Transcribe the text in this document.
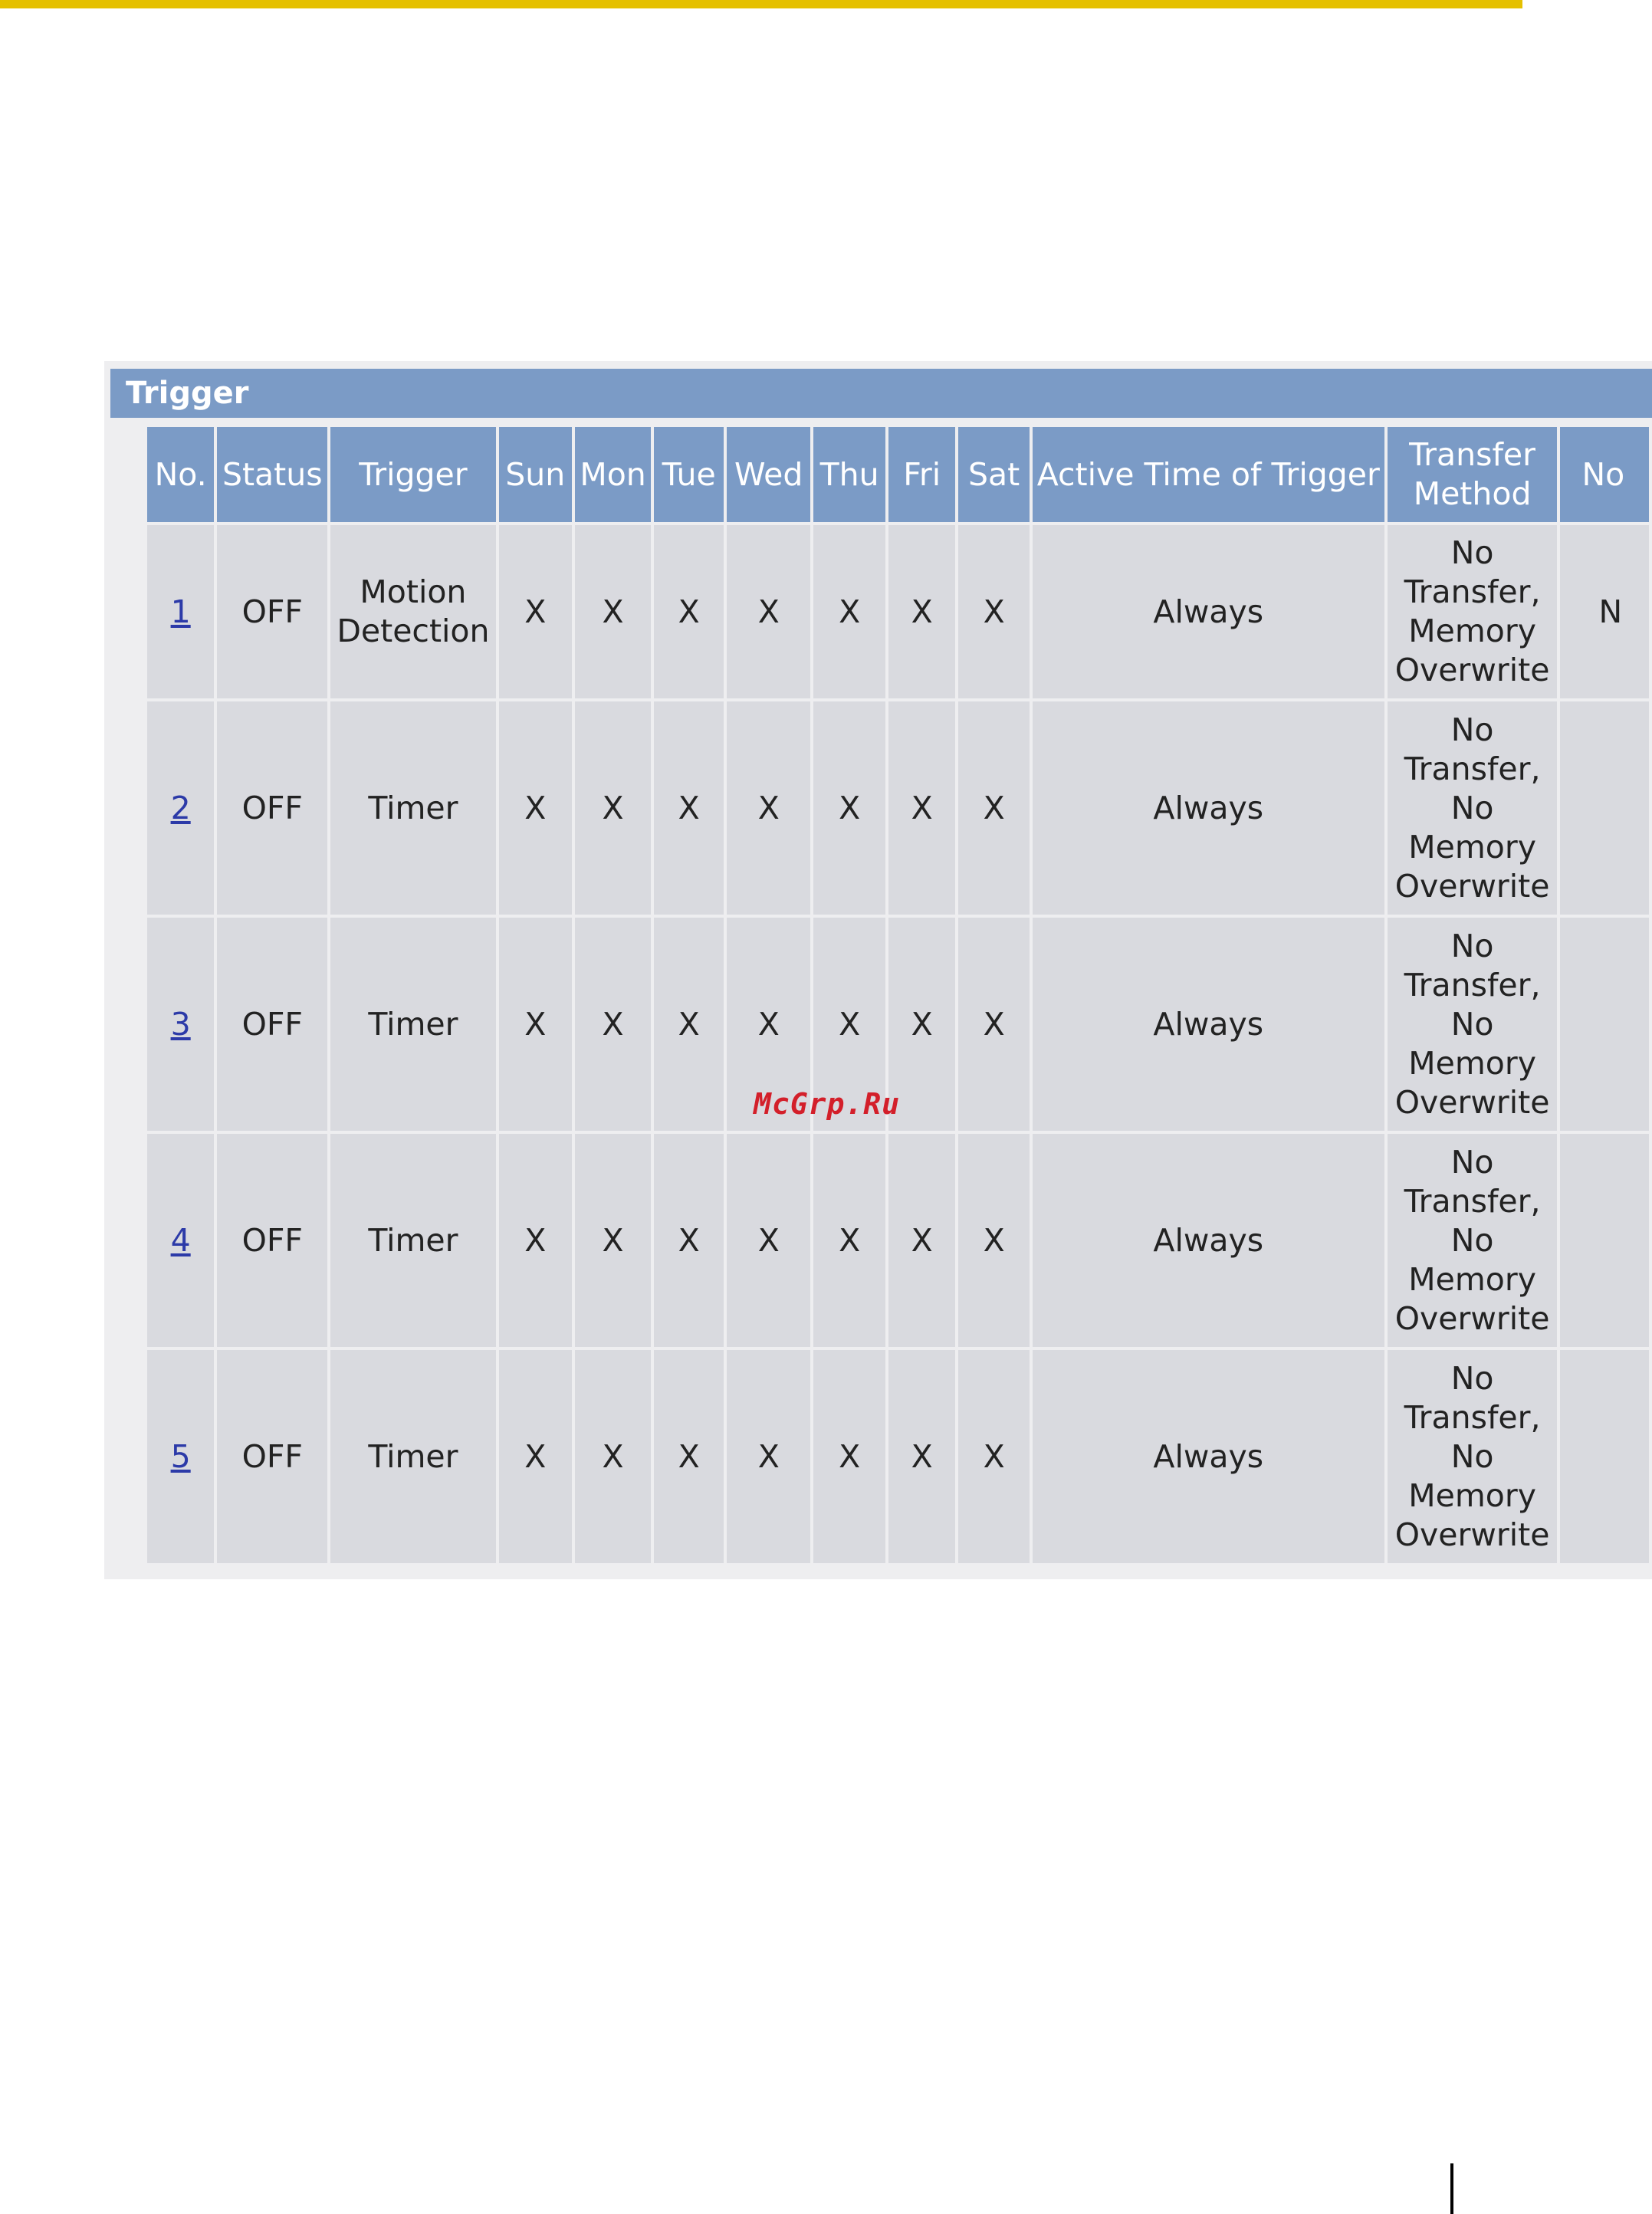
Trigger
No.	Status	Trigger	Sun	Mon	Tue	Wed	Thu	Fri	Sat	Active Time of Trigger	Transfer Method	No
1	OFF	Motion Detection	X	X	X	X	X	X	X	Always	No Transfer, Memory Overwrite	N
2	OFF	Timer	X	X	X	X	X	X	X	Always	No Transfer, No Memory Overwrite	
3	OFF	Timer	X	X	X	X	X	X	X	Always	No Transfer, No Memory Overwrite	
4	OFF	Timer	X	X	X	X	X	X	X	Always	No Transfer, No Memory Overwrite	
5	OFF	Timer	X	X	X	X	X	X	X	Always	No Transfer, No Memory Overwrite	
McGrp.Ru
